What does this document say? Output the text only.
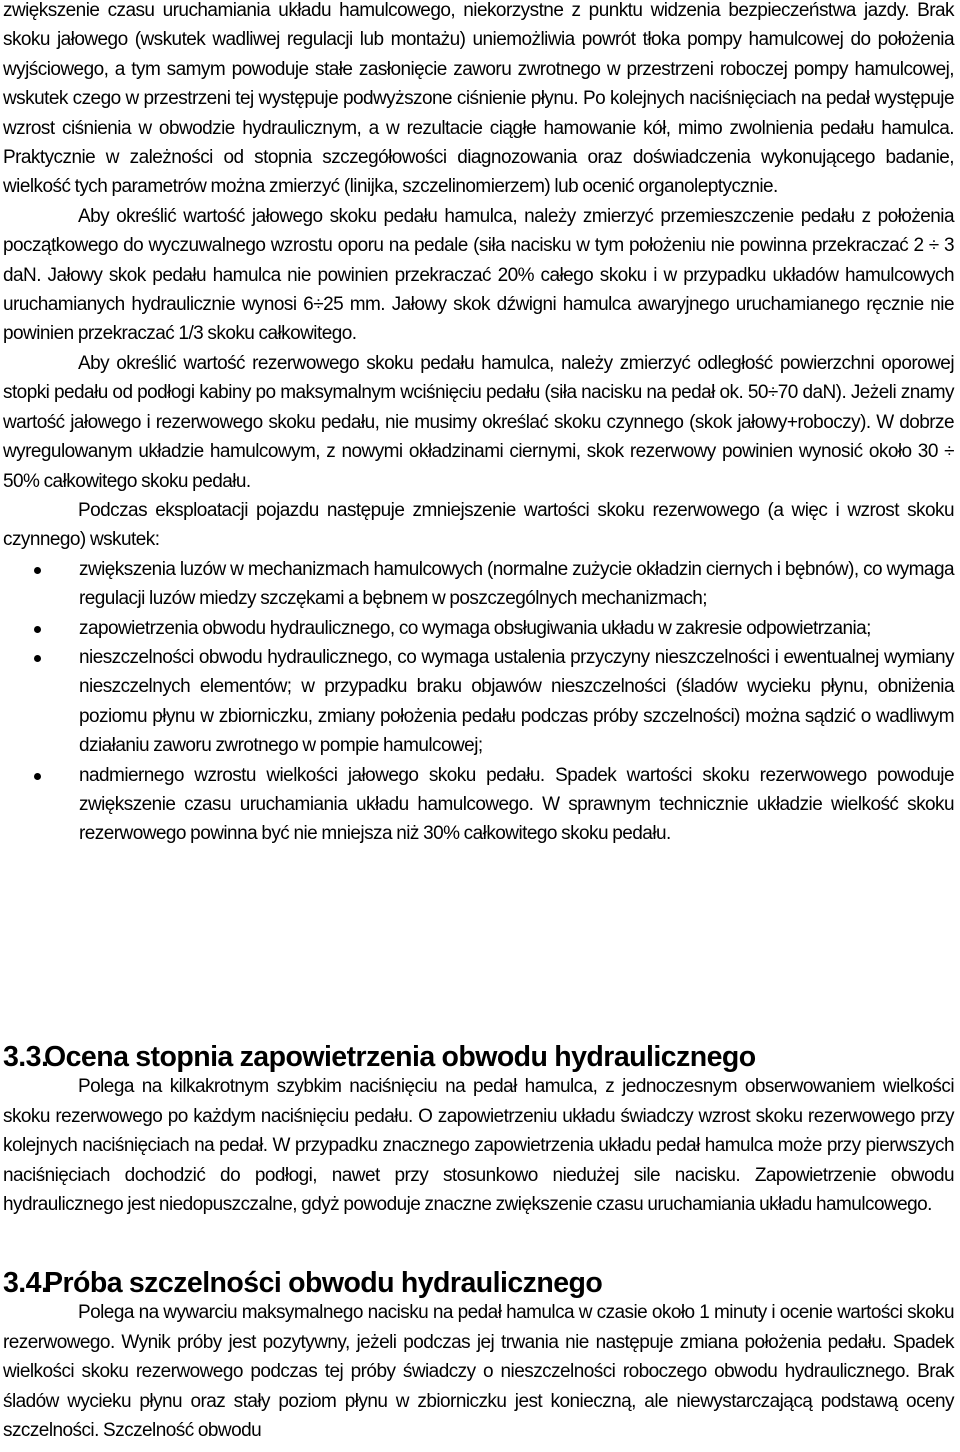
zwiększenie czasu uruchamiania układu hamulcowego, niekorzystne z punktu widzenia bezpieczeństwa jazdy. Brak skoku jałowego (wskutek wadliwej regulacji lub montażu) uniemożliwia powrót tłoka pompy hamulcowej do położenia wyjściowego, a tym samym powoduje stałe zasłonięcie zaworu zwrotnego w przestrzeni roboczej pompy hamulcowej, wskutek czego w przestrzeni tej występuje podwyższone ciśnienie płynu. Po kolejnych naciśnięciach na pedał występuje wzrost ciśnienia w obwodzie hydraulicznym, a w rezultacie ciągłe hamowanie kół, mimo zwolnienia pedału hamulca. Praktycznie w zależności od stopnia szczegółowości diagnozowania oraz doświadczenia wykonującego badanie, wielkość tych parametrów można zmierzyć (linijka, szczelinomierzem) lub ocenić organoleptycznie.

Aby określić wartość jałowego skoku pedału hamulca, należy zmierzyć przemieszczenie pedału z położenia początkowego do wyczuwalnego wzrostu oporu na pedale (siła nacisku w tym położeniu nie powinna przekraczać 2 ÷ 3 daN. Jałowy skok pedału hamulca nie powinien przekraczać 20% całego skoku i w przypadku układów hamulcowych uruchamianych hydraulicznie wynosi 6÷25 mm. Jałowy skok dźwigni hamulca awaryjnego uruchamianego ręcznie nie powinien przekraczać 1/3 skoku całkowitego.

Aby określić wartość rezerwowego skoku pedału hamulca, należy zmierzyć odległość powierzchni oporowej stopki pedału od podłogi kabiny po maksymalnym wciśnięciu pedału (siła nacisku na pedał ok. 50÷70 daN). Jeżeli znamy wartość jałowego i rezerwowego skoku pedału, nie musimy określać skoku czynnego (skok jałowy+roboczy). W dobrze wyregulowanym układzie hamulcowym, z nowymi okładzinami ciernymi, skok rezerwowy powinien wynosić około 30 ÷ 50% całkowitego skoku pedału.

Podczas eksploatacji pojazdu następuje zmniejszenie wartości skoku rezerwowego (a więc i wzrost skoku czynnego) wskutek:

zwiększenia luzów w mechanizmach hamulcowych (normalne zużycie okładzin ciernych i bębnów), co wymaga regulacji luzów miedzy szczękami a bębnem w poszczególnych mechanizmach;
zapowietrzenia obwodu hydraulicznego, co wymaga obsługiwania układu w zakresie odpowietrzania;
nieszczelności obwodu hydraulicznego, co wymaga ustalenia przyczyny nieszczelności i ewentualnej wymiany nieszczelnych elementów; w przypadku braku objawów nieszczelności (śladów wycieku płynu, obniżenia poziomu płynu w zbiorniczku, zmiany położenia pedału podczas próby szczelności) można sądzić o wadliwym działaniu zaworu zwrotnego w pompie hamulcowej;
nadmiernego wzrostu wielkości jałowego skoku pedału. Spadek wartości skoku rezerwowego powoduje zwiększenie czasu uruchamiania układu hamulcowego. W sprawnym technicznie układzie wielkość skoku rezerwowego powinna być nie mniejsza niż 30% całkowitego skoku pedału.
3.3.Ocena stopnia zapowietrzenia obwodu hydraulicznego

Polega na kilkakrotnym szybkim naciśnięciu na pedał hamulca, z jednoczesnym obserwowaniem wielkości skoku rezerwowego po każdym naciśnięciu pedału. O zapowietrzeniu układu świadczy wzrost skoku rezerwowego przy kolejnych naciśnięciach na pedał. W przypadku znacznego zapowietrzenia układu pedał hamulca może przy pierwszych naciśnięciach dochodzić do podłogi, nawet przy stosunkowo niedużej sile nacisku. Zapowietrzenie obwodu hydraulicznego jest niedopuszczalne, gdyż powoduje znaczne zwiększenie czasu uruchamiania układu hamulcowego.

3.4.Próba szczelności obwodu hydraulicznego

Polega na wywarciu maksymalnego nacisku na pedał hamulca w czasie około 1 minuty i ocenie wartości skoku rezerwowego. Wynik próby jest pozytywny, jeżeli podczas jej trwania nie następuje zmiana położenia pedału. Spadek wielkości skoku rezerwowego podczas tej próby świadczy o nieszczelności roboczego obwodu hydraulicznego. Brak śladów wycieku płynu oraz stały poziom płynu w zbiorniczku jest konieczną, ale niewystarczającą podstawą oceny szczelności. Szczelność obwodu
